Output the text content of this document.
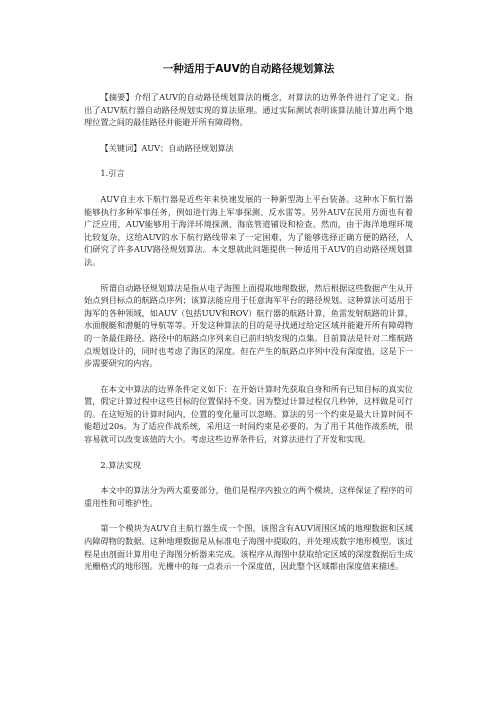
一种适用于AUV的自动路径规划算法

【摘要】介绍了AUV的自动路径规划算法的概念，对算法的边界条件进行了定义。指出了AUV航行器自动路径规划实现的算法原理。通过实际测试表明该算法能计算出两个地理位置之间的最佳路径并能避开所有障碍物。

【关键词】AUV；自动路径规划算法

1.引言

AUV自主水下航行器是近些年来快速发展的一种新型海上平台装备。这种水下航行器能够执行多种军事任务，例如进行海上军事探测、反水雷等。另外AUV在民用方面也有着广泛应用，AUV能够用于海洋环境探测、海底管道铺设和检查。然而，由于海洋地理环境比较复杂，这给AUV的水下航行路线带来了一定困难，为了能够选择正确方便的路径，人们研究了许多AUV路径规划算法。本文想就此问题提供一种适用于AUV的自动路径规划算法。

所谓自动路径规划算法是指从电子海图上面提取地理数据，然后根据这些数据产生从开始点到目标点的航路点序列；该算法能应用于任意海军平台的路径规划。这种算法可适用于海军的各种领域，如AUV（包括UUV和ROV）航行器的航路计算，鱼雷发射航路的计算，水面舰艇和潜艇的导航等等。开发这种算法的目的是寻找通过给定区域并能避开所有障碍物的一条最佳路径。路径中的航路点序列来自已前归纳发现的点集。目前算法是针对二维航路点规划设计的，同时也考虑了海区的深度。但在产生的航路点序列中没有深度值，这是下一步需要研究的内容。

在本文中算法的边界条件定义如下：在开始计算时先获取自身和所有已知目标的真实位置，假定计算过程中这些目标的位置保持不变。因为整过计算过程仅几秒钟，这样做是可行的。在这短短的计算时间内，位置的变化量可以忽略。算法的另一个约束是最大计算时间不能超过20s。为了适应作战系统，采用这一时间约束是必要的。为了用于其他作战系统，很容易就可以改变该值的大小。考虑这些边界条件后，对算法进行了开发和实现。

2.算法实现

本文中的算法分为两大重要部分，他们是程序内独立的两个模块，这样保证了程序的可重用性和可维护性。

第一个模块为AUV自主航行器生成一个图，该图含有AUV周围区域的地理数据和区域内障碍物的数据。这种地理数据是从标准电子海图中提取的，并处理成数字地形模型。该过程是由剖面计算用电子海图分析器来完成。该程序从海图中获取给定区域的深度数据后生成光栅格式的地形图。光栅中的每一点表示一个深度值，因此整个区域都由深度值来描述。
